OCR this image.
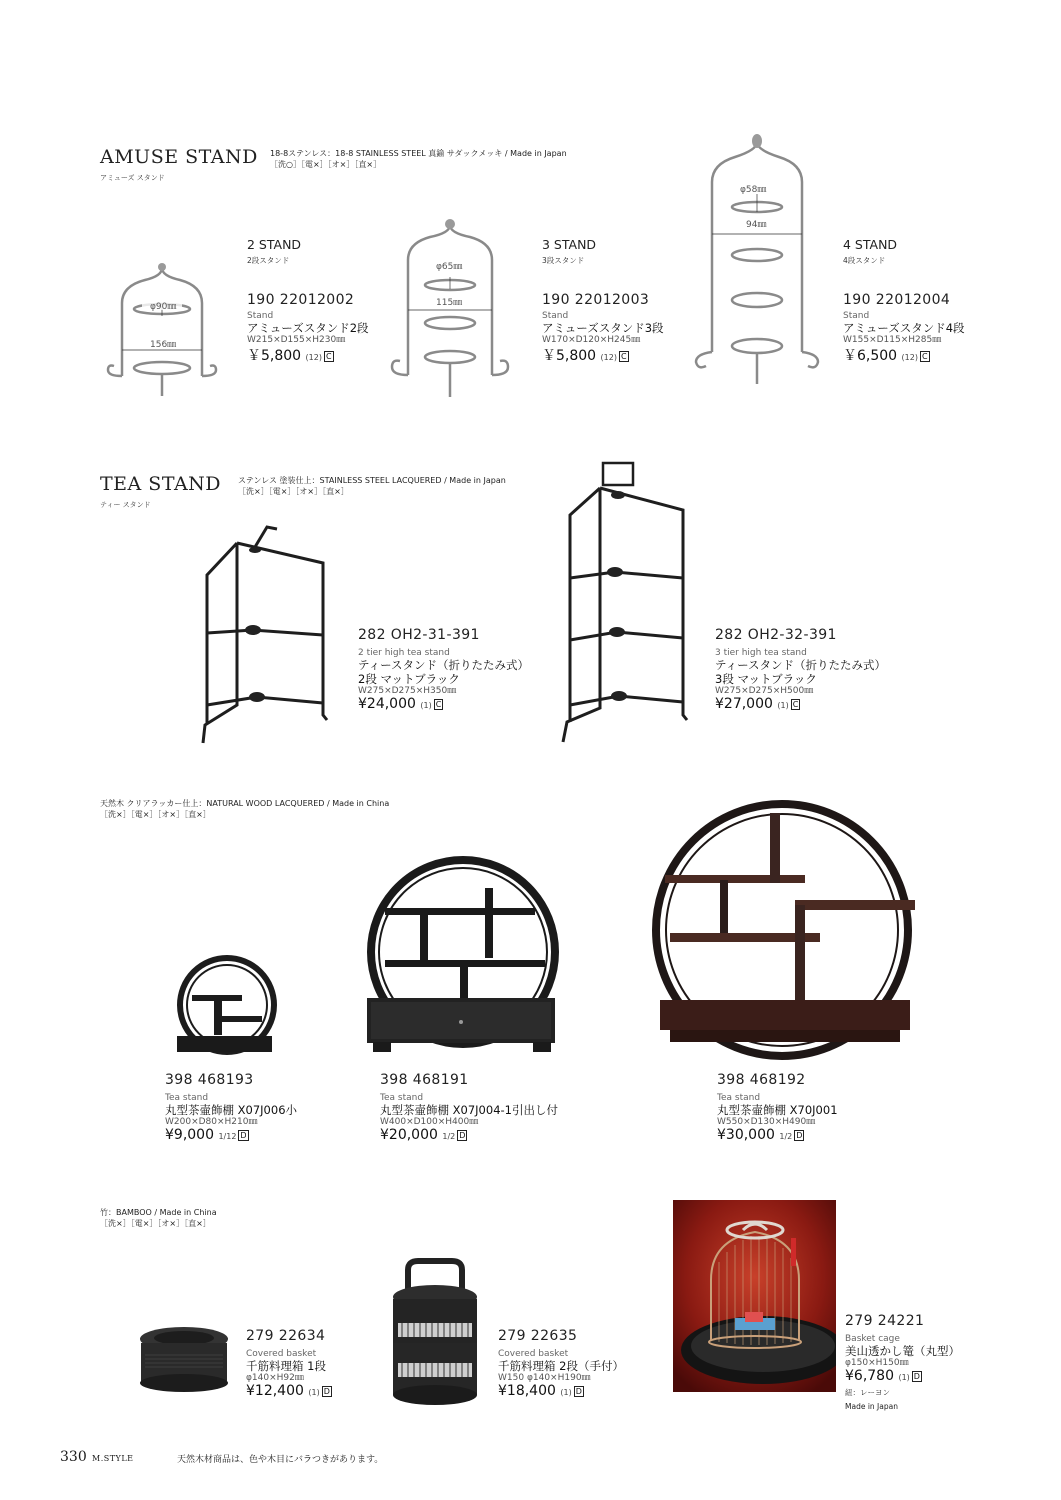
AMUSE STAND
アミューズ スタンド
18-8ステンレス：18-8 STAINLESS STEEL 真鍮 サダックメッキ / Made in Japan
［洗○］［電×］［オ×］［直×］
φ90㎜
156㎜
φ65㎜
115㎜
φ58㎜
94㎜
2 STAND
2段スタンド
190 22012002
Stand
アミューズスタンド2段
W215×D155×H230㎜
￥5,800 (12) C
3 STAND
3段スタンド
190 22012003
Stand
アミューズスタンド3段
W170×D120×H245㎜
￥5,800 (12) C
4 STAND
4段スタンド
190 22012004
Stand
アミューズスタンド4段
W155×D115×H285㎜
￥6,500 (12) C
TEA STAND
ティー スタンド
ステンレス 塗装仕上：STAINLESS STEEL LACQUERED / Made in Japan
［洗×］［電×］［オ×］［直×］
282 OH2-31-391
2 tier high tea stand
ティースタンド（折りたたみ式）
2段 マットブラック
W275×D275×H350㎜
¥24,000 (1) C
282 OH2-32-391
3 tier high tea stand
ティースタンド（折りたたみ式）
3段 マットブラック
W275×D275×H500㎜
¥27,000 (1) C
天然木 クリアラッカー仕上：NATURAL WOOD LACQUERED / Made in China
［洗×］［電×］［オ×］［直×］
398 468193
Tea stand
丸型茶壷飾棚 X07J006小
W200×D80×H210㎜
¥9,000 1/12 D
398 468191
Tea stand
丸型茶壷飾棚 X07J004-1引出し付
W400×D100×H400㎜
¥20,000 1/2 D
398 468192
Tea stand
丸型茶壷飾棚 X70J001
W550×D130×H490㎜
¥30,000 1/2 D
竹：BAMBOO / Made in China
［洗×］［電×］［オ×］［直×］
279 22634
Covered basket
千筋料理箱 1段
φ140×H92㎜
¥12,400 (1) D
279 22635
Covered basket
千筋料理箱 2段（手付）
W150 φ140×H190㎜
¥18,400 (1) D
279 24221
Basket cage
美山透かし篭（丸型）
φ150×H150㎜
¥6,780 (1) D
紐：レーヨン
Made in Japan
330 M.STYLE	天然木材商品は、色や木目にバラつきがあります。
